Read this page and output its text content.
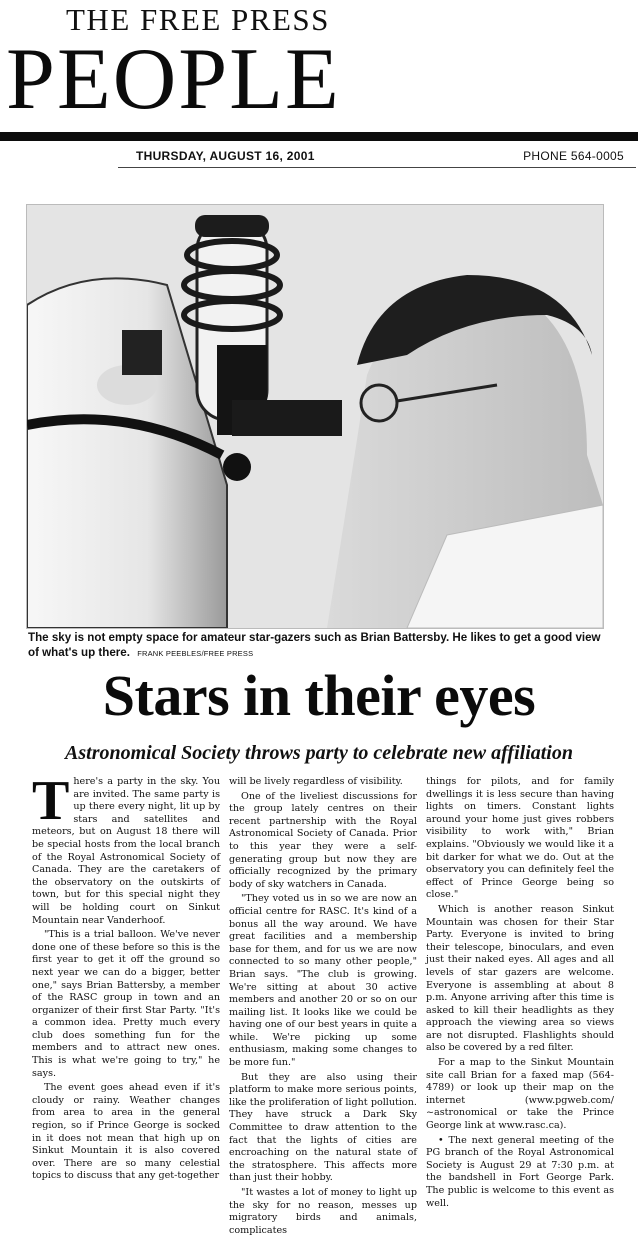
THE FREE PRESS
PEOPLE
THURSDAY, AUGUST 16, 2001	PHONE 564-0005
The sky is not empty space for amateur star-gazers such as Brian Battersby. He likes to get a good view of what's up there. FRANK PEEBLES/FREE PRESS
Stars in their eyes
Astronomical Society throws party to celebrate new affiliation

There's a party in the sky. You are invited. The same party is up there every night, lit up by stars and satellites and meteors, but on August 18 there will be special hosts from the local branch of the Royal Astronomical Society of Canada. They are the caretakers of the observatory on the outskirts of town, but for this special night they will be holding court on Sinkut Mountain near Vanderhoof.

"This is a trial balloon. We've never done one of these before so this is the first year to get it off the ground so next year we can do a bigger, better one," says Brian Battersby, a member of the RASC group in town and an organizer of their first Star Party. "It's a common idea. Pretty much every club does something fun for the members and to attract new ones. This is what we're going to try," he says.

The event goes ahead even if it's cloudy or rainy. Weather changes from area to area in the general region, so if Prince George is socked in it does not mean that high up on Sinkut Mountain it is also covered over. There are so many celestial topics to discuss that any get-together

will be lively regardless of visibility.

One of the liveliest discussions for the group lately centres on their recent partnership with the Royal Astronomical Society of Canada. Prior to this year they were a self-generating group but now they are officially recognized by the primary body of sky watchers in Canada.

"They voted us in so we are now an official centre for RASC. It's kind of a bonus all the way around. We have great facilities and a membership base for them, and for us we are now connected to so many other people," Brian says. "The club is growing. We're sitting at about 30 active members and another 20 or so on our mailing list. It looks like we could be having one of our best years in quite a while. We're picking up some enthusiasm, making some changes to be more fun."

But they are also using their platform to make more serious points, like the proliferation of light pollution. They have struck a Dark Sky Committee to draw attention to the fact that the lights of cities are encroaching on the natural state of the stratosphere. This affects more than just their hobby.

"It wastes a lot of money to light up the sky for no reason, messes up migratory birds and animals, complicates

things for pilots, and for family dwellings it is less secure than having lights on timers. Constant lights around your home just gives robbers visibility to work with," Brian explains. "Obviously we would like it a bit darker for what we do. Out at the observatory you can definitely feel the effect of Prince George being so close."

Which is another reason Sinkut Mountain was chosen for their Star Party. Everyone is invited to bring their telescope, binoculars, and even just their naked eyes. All ages and all levels of star gazers are welcome. Everyone is assembling at about 8 p.m. Anyone arriving after this time is asked to kill their headlights as they approach the viewing area so views are not disrupted. Flashlights should also be covered by a red filter.

For a map to the Sinkut Mountain site call Brian for a faxed map (564-4789) or look up their map on the internet (www.pgweb.com/ ~astronomical or take the Prince George link at www.rasc.ca).

• The next general meeting of the PG branch of the Royal Astronomical Society is August 29 at 7:30 p.m. at the bandshell in Fort George Park. The public is welcome to this event as well.
